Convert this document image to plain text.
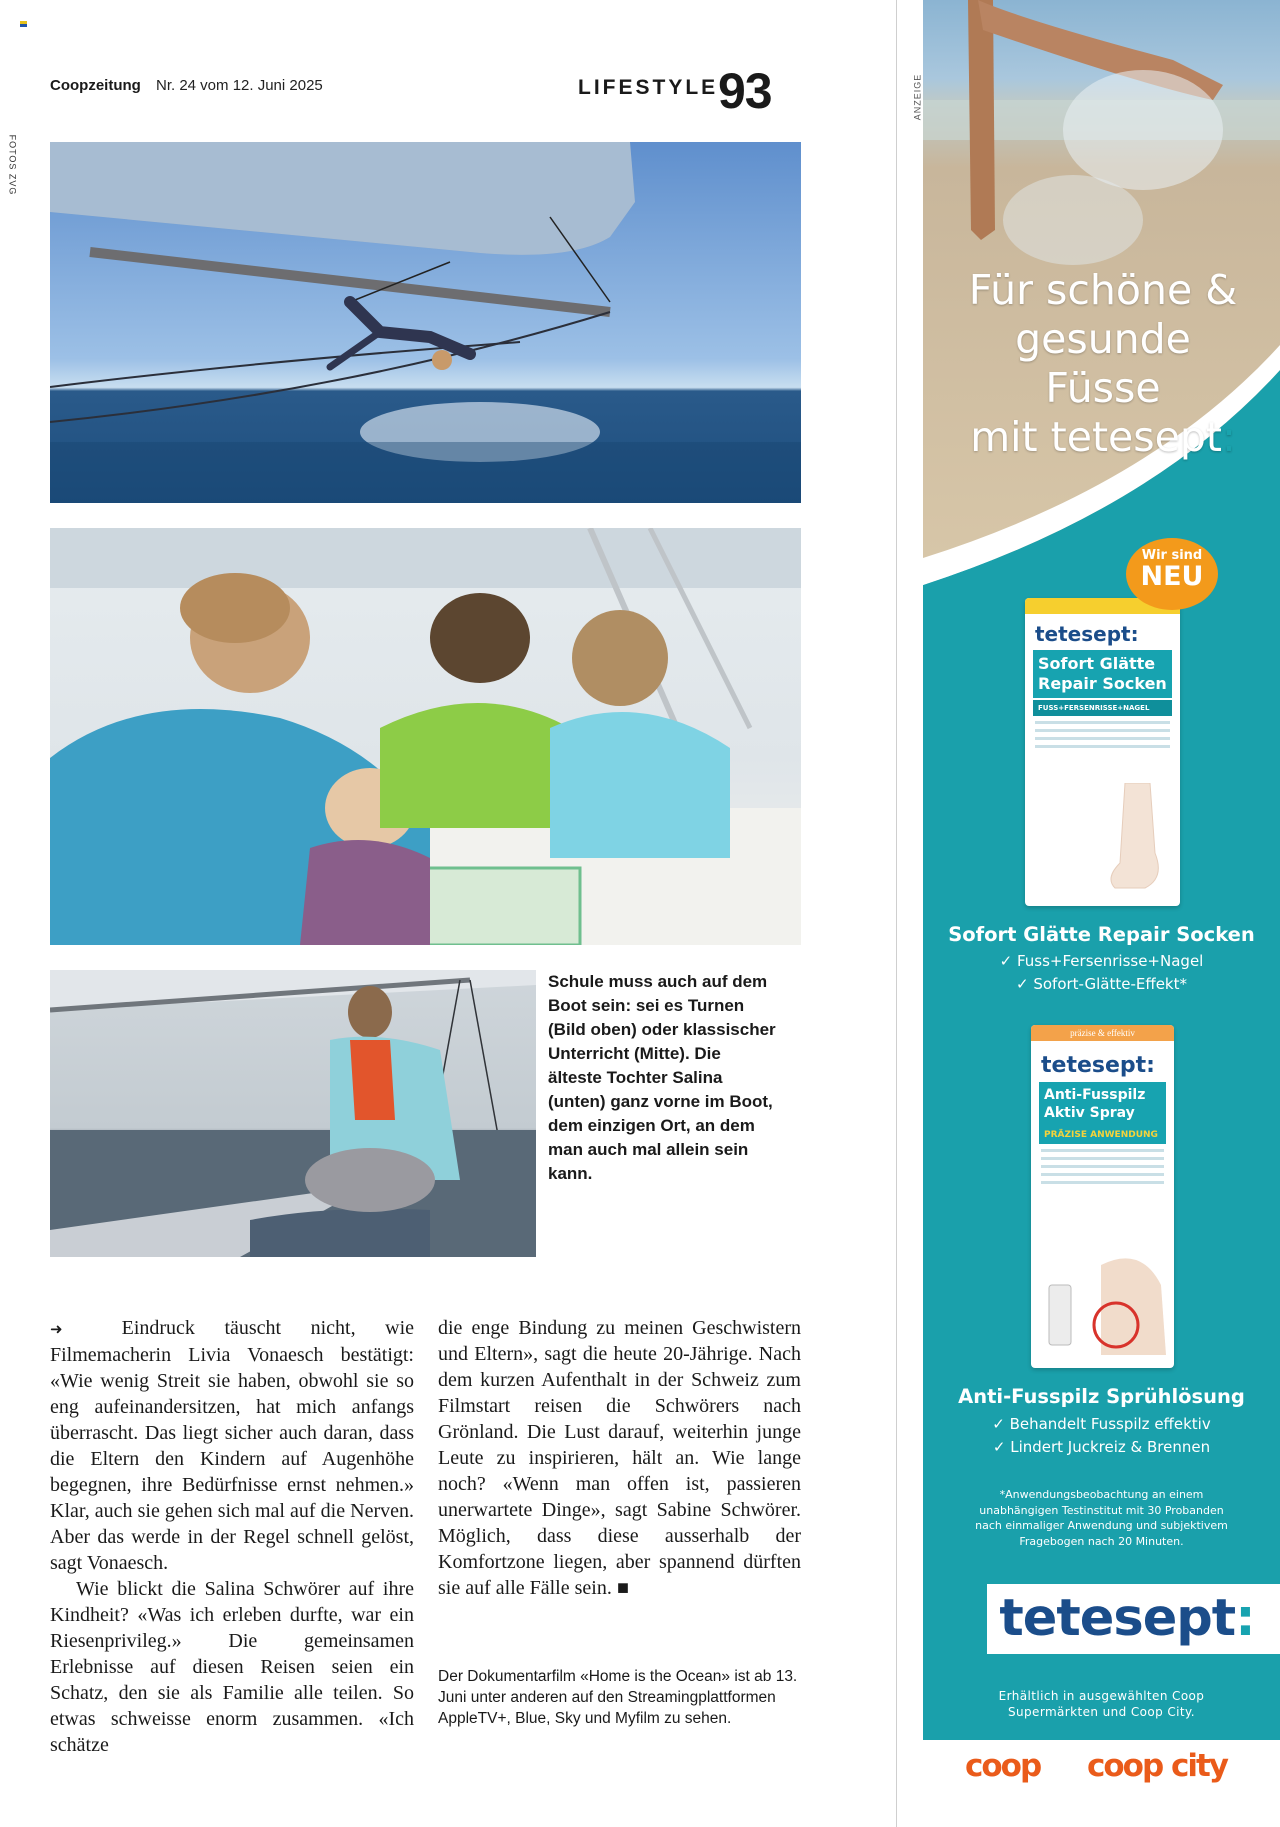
FOTOS ZVG
Coopzeitung Nr. 24 vom 12. Juni 2025	LIFESTYLE 93
Schule muss auch auf dem Boot sein: sei es Turnen (Bild oben) oder klassischer Unterricht (Mitte). Die älteste Tochter Salina (unten) ganz vorne im Boot, dem einzigen Ort, an dem man auch mal allein sein kann.

➜	Eindruck täuscht nicht, wie Filmemacherin Livia Vonaesch bestätigt: «Wie wenig Streit sie haben, obwohl sie so eng aufeinandersitzen, hat mich anfangs überrascht. Das liegt sicher auch daran, dass die Eltern den Kindern auf Augenhöhe begegnen, ihre Bedürfnisse ernst nehmen.» Klar, auch sie gehen sich mal auf die Nerven. Aber das werde in der Regel schnell gelöst, sagt Vonaesch.

Wie blickt die Salina Schwörer auf ihre Kindheit? «Was ich erleben durfte, war ein Riesenprivileg.» Die gemeinsamen Erlebnisse auf diesen Reisen seien ein Schatz, den sie als Familie alle teilen. So etwas schweisse enorm zusammen. «Ich schätze

die enge Bindung zu meinen Geschwistern und Eltern», sagt die heute 20-Jährige. Nach dem kurzen Aufenthalt in der Schweiz zum Filmstart reisen die Schwörers nach Grönland. Die Lust darauf, weiterhin junge Leute zu inspirieren, hält an. Wie lange noch? «Wenn man offen ist, passieren unerwartete Dinge», sagt Sabine Schwörer. Möglich, dass diese ausserhalb der Komfortzone liegen, aber spannend dürften sie auf alle Fälle sein. ■

Der Dokumentarfilm «Home is the Ocean» ist ab 13. Juni unter anderen auf den Streamingplattformen AppleTV+, Blue, Sky und Myfilm zu sehen.
ANZEIGE
Für schöne &
gesunde Füsse
mit tetesept:
tetesept:
Sofort Glätte Repair Socken
FUSS+FERSENRISSE+NAGEL
Wir sind
NEU
Sofort Glätte Repair Socken
✓ Fuss+Fersenrisse+Nagel
✓ Sofort-Glätte-Effekt*
präzise & effektiv
tetesept:
Anti-Fusspilz Aktiv Spray
PRÄZISE ANWENDUNG
Anti-Fusspilz Sprühlösung
✓ Behandelt Fusspilz effektiv
✓ Lindert Juckreiz & Brennen
*Anwendungsbeobachtung an einem unabhängigen Testinstitut mit 30 Probanden nach einmaliger Anwendung und subjektivem Fragebogen nach 20 Minuten.
tetesept:
Erhältlich in ausgewählten Coop Supermärkten und Coop City.
coop coop city
